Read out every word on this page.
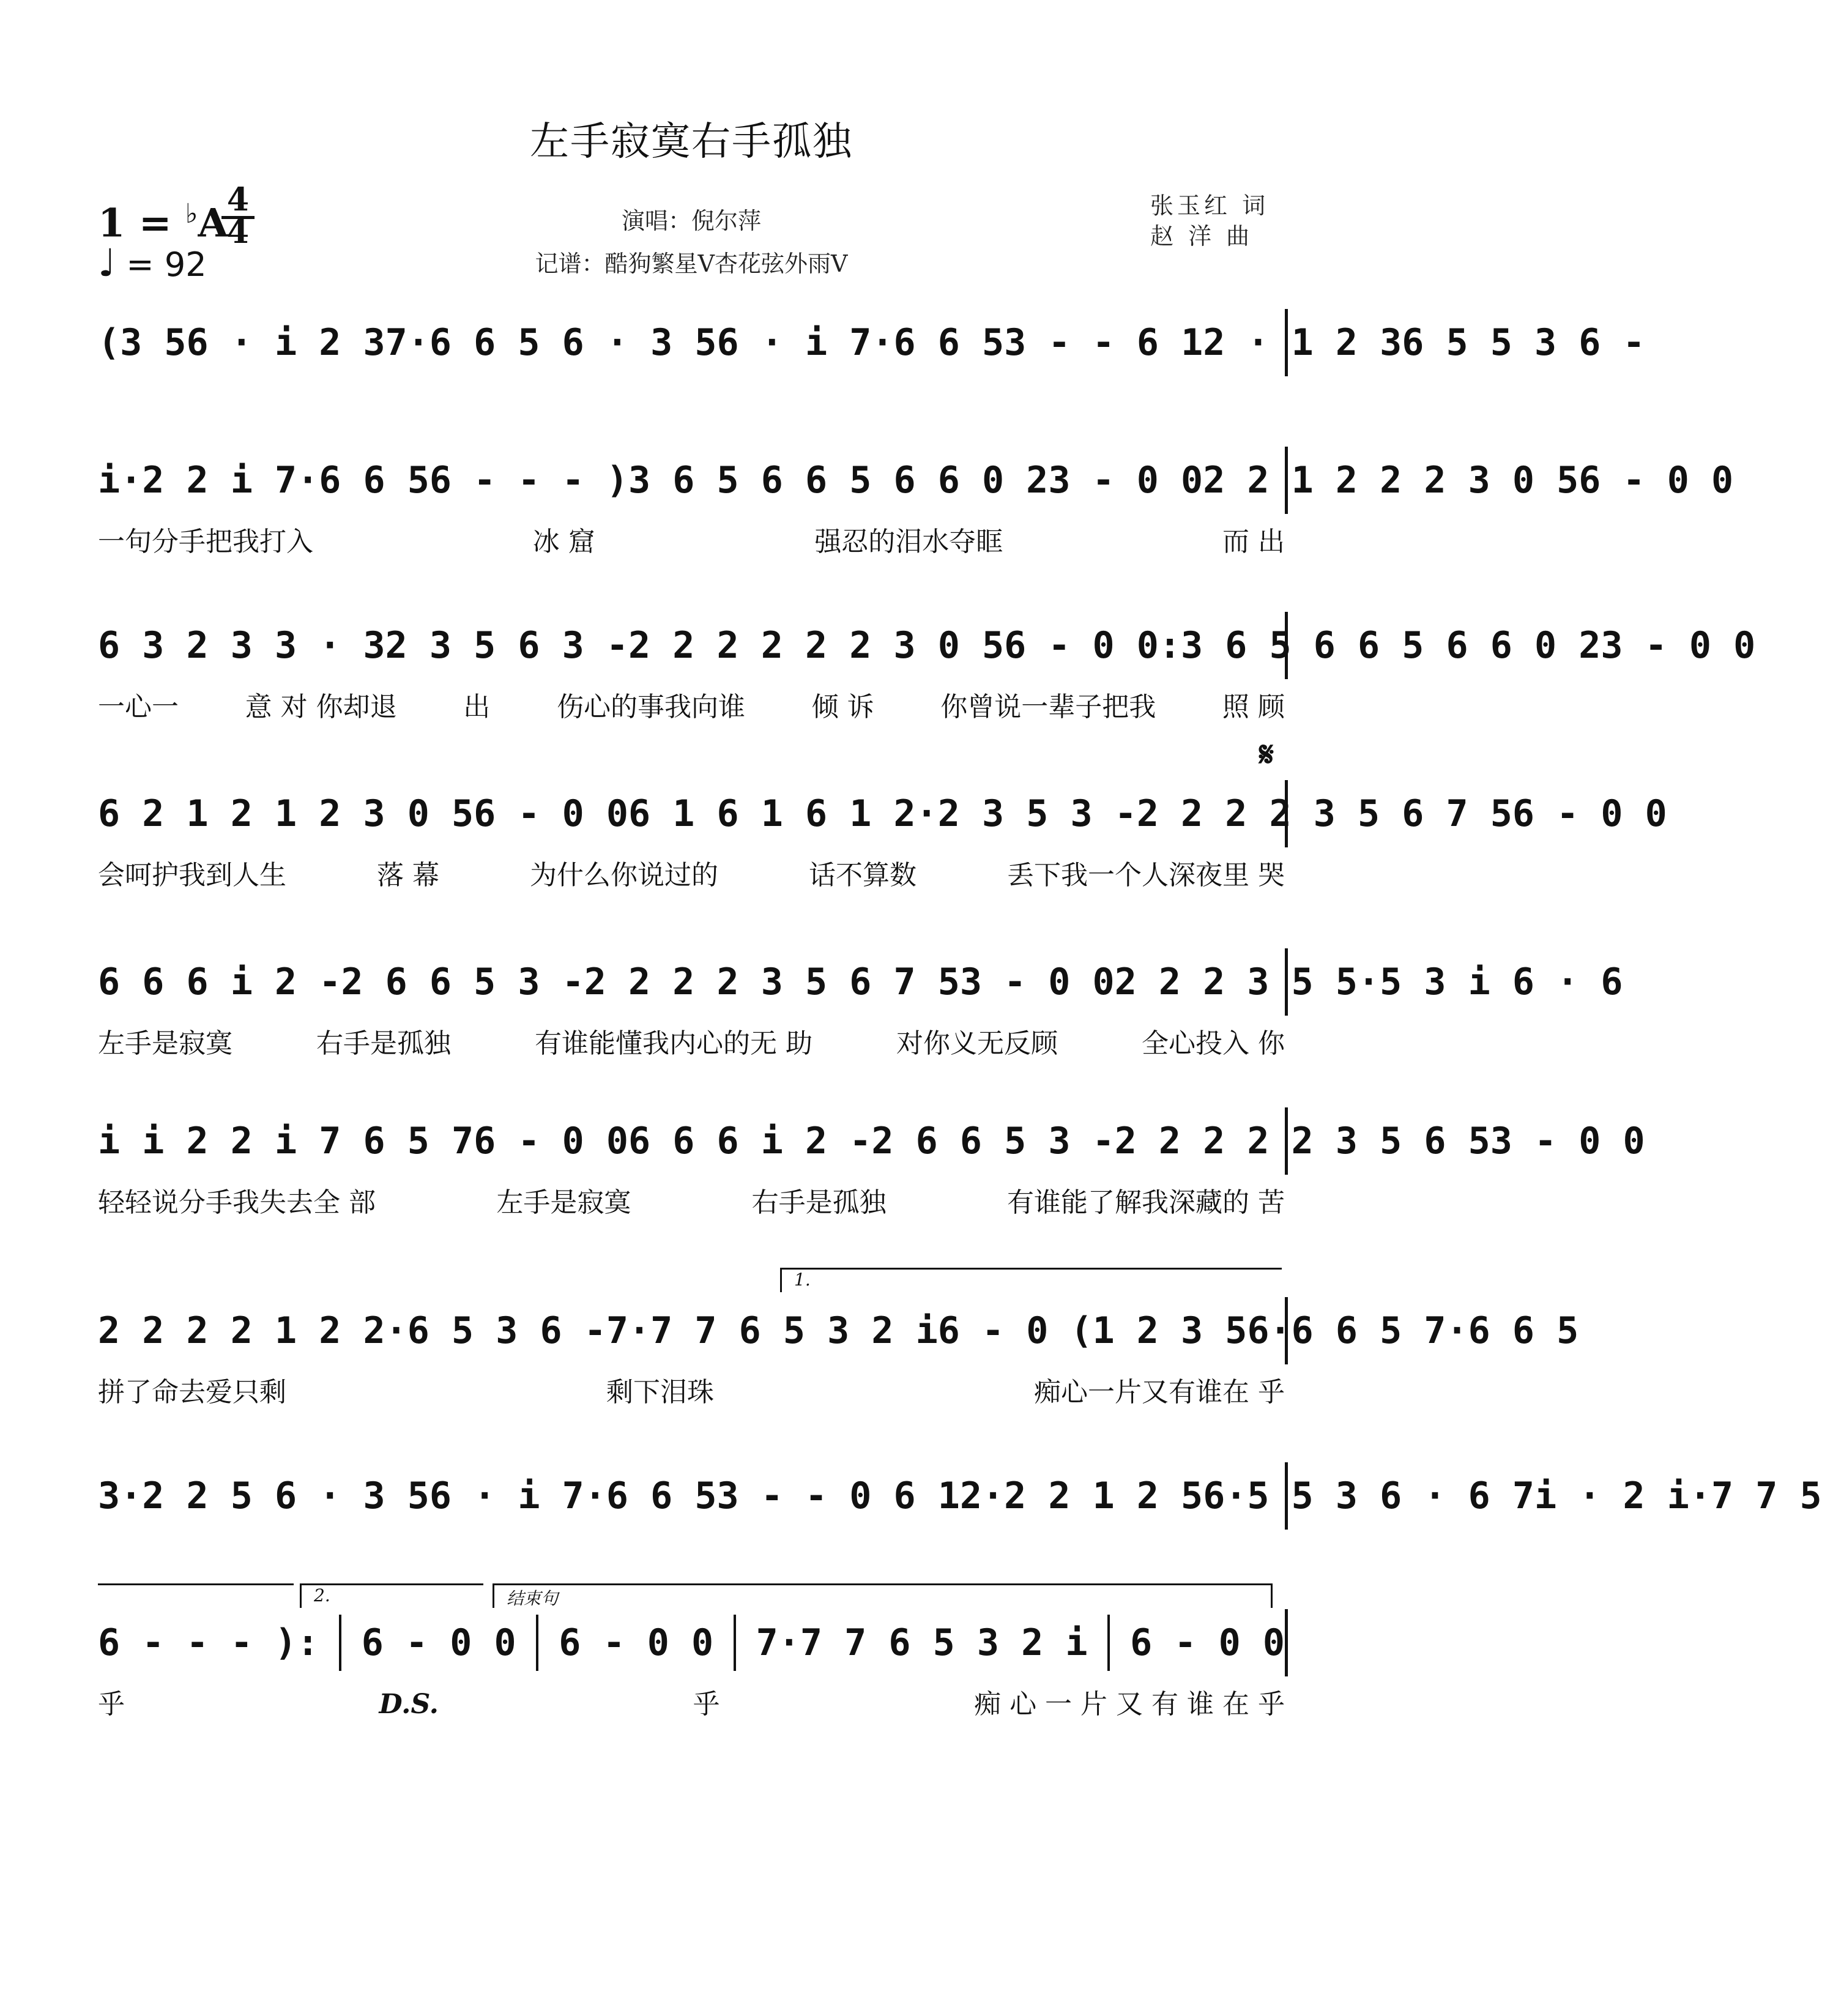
左手寂寞右手孤独
1 = ♭A
4
4
♩ = 92
演唱：倪尔萍
记谱：酷狗繁星V杏花弦外雨V
张玉红 词
赵 洋 曲
𝄋
(3 5 6 · i 2 3 7·6 6 5 6 · 3 5 6 · i 7·6 6 5 3 - - 6 1 2 · 1 2 3 6 5 5 3 6 -
i·2 2 i 7·6 6 5 6 - - - ) 3 6 5 6 6 5 6 6 0 2 3 - 0 0 2 2 1 2 2 2 3 0 5 6 - 0 0
一句分手把我打入	冰 窟	强忍的泪水夺眶	而 出
6 3 2 3 3 · 3 2 3 5 6 3 - 2 2 2 2 2 2 3 0 5 6 - 0 0 :3 6 5 6 6 5 6 6 0 2 3 - 0 0
一心一 意 对 你却退 出 伤心的事我向谁 倾 诉 你曾说一辈子把我 照 顾
6 2 1 2 1 2 3 0 5 6 - 0 0 6 1 6 1 6 1 2· 2 3 5 3 - 2 2 2 2 3 5 6 7 5 6 - 0 0
会呵护我到人生	落 幕	为什么你说过的	话不算数	丢下我一个人深夜里 哭
6 6 6 i 2 - 2 6 6 5 3 - 2 2 2 2 3 5 6 7 5 3 - 0 0 2 2 2 3 5 5· 5 3 i 6 · 6
左手是寂寞	右手是孤独	有谁能懂我内心的无 助	对你义无反顾	全心投入 你
i i 2 2 i 7 6 5 7 6 - 0 0 6 6 6 i 2 - 2 6 6 5 3 - 2 2 2 2 2 3 5 6 5 3 - 0 0
轻轻说分手我失去全 部	左手是寂寞	右手是孤独	有谁能了解我深藏的 苦
1.
2 2 2 2 1 2 2· 6 5 3 6 - 7·7 7 6 5 3 2 i 6 - 0 (1 2 3 5 6·6 6 5 7·6 6 5
拼了命去爱只剩	剩下泪珠	痴心一片又有谁在 乎
3·2 2 5 6 · 3 5 6 · i 7·6 6 5 3 - - 0 6 1 2·2 2 1 2 5 6·5 5 3 6 · 6 7 i · 2 i·7 7 5
2.	结束句
6 - - - ): 6 - 0 0 6 - 0 0 7·7 7 6 5 3 2 i 6 - 0 0
乎	D.S.	乎	痴 心 一 片 又 有 谁 在 乎
